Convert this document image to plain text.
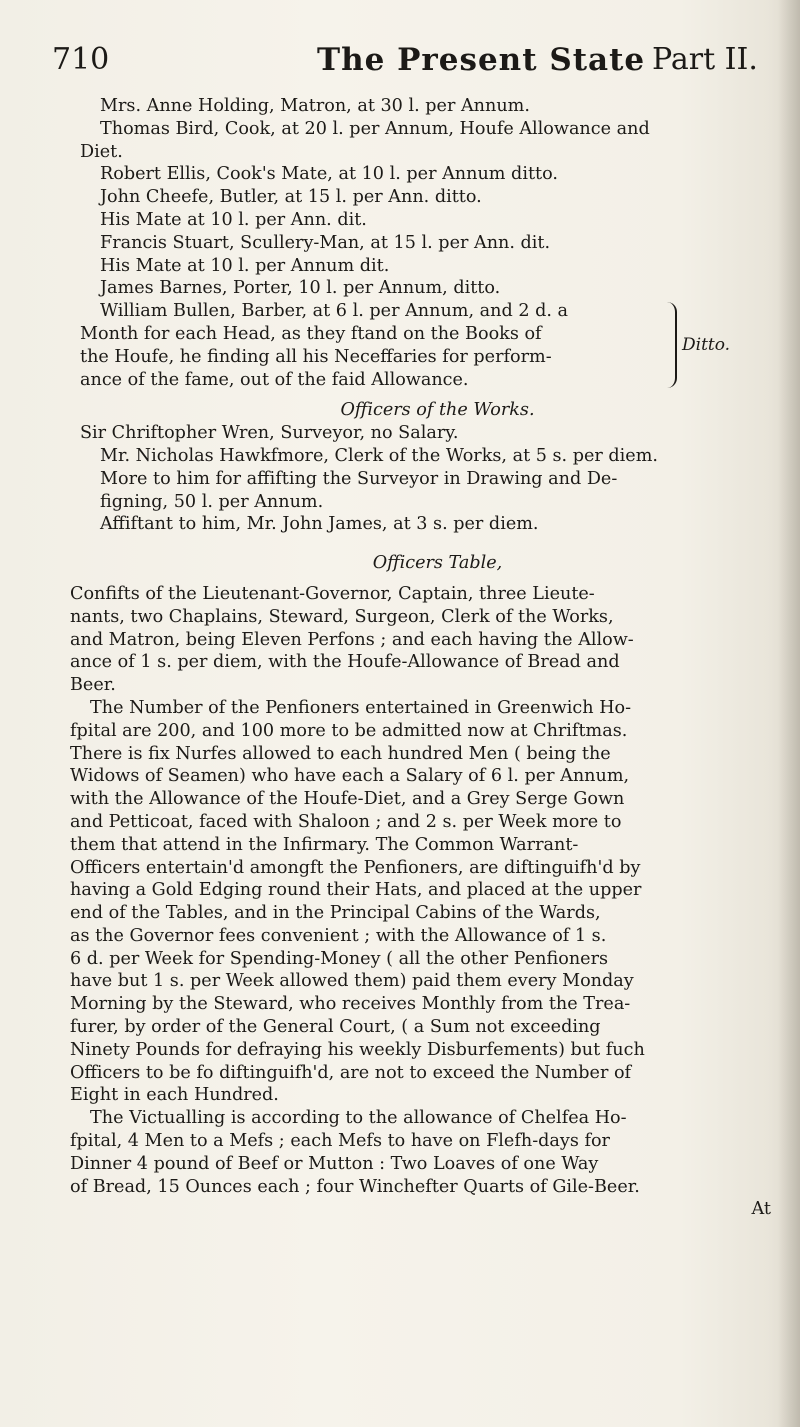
710	The Present State Part II.
Mrs. Anne Holding, Matron, at 30 l. per Annum.
Thomas Bird, Cook, at 20 l. per Annum, Houfe Allowance and
Diet.
Robert Ellis, Cook's Mate, at 10 l. per Annum ditto.
John Cheefe, Butler, at 15 l. per Ann. ditto.
His Mate at 10 l. per Ann. dit.
Francis Stuart, Scullery-Man, at 15 l. per Ann. dit.
His Mate at 10 l. per Annum dit.
James Barnes, Porter, 10 l. per Annum, ditto.
William Bullen, Barber, at 6 l. per Annum, and 2 d. a
Month for each Head, as they ftand on the Books of
the Houfe, he finding all his Neceffaries for perform-
ance of the fame, out of the faid Allowance.
Ditto.
Officers of the Works.
Sir Chriftopher Wren, Surveyor, no Salary.
Mr. Nicholas Hawkfmore, Clerk of the Works, at 5 s. per diem.
More to him for affifting the Surveyor in Drawing and De-
figning, 50 l. per Annum.
Affiftant to him, Mr. John James, at 3 s. per diem.
Officers Table,
Confifts of the Lieutenant-Governor, Captain, three Lieute-
nants, two Chaplains, Steward, Surgeon, Clerk of the Works,
and Matron, being Eleven Perfons ; and each having the Allow-
ance of 1 s. per diem, with the Houfe-Allowance of Bread and
Beer.
The Number of the Penfioners entertained in Greenwich Ho-
fpital are 200, and 100 more to be admitted now at Chriftmas.
There is fix Nurfes allowed to each hundred Men ( being the
Widows of Seamen) who have each a Salary of 6 l. per Annum,
with the Allowance of the Houfe-Diet, and a Grey Serge Gown
and Petticoat, faced with Shaloon ; and 2 s. per Week more to
them that attend in the Infirmary. The Common Warrant-
Officers entertain'd amongft the Penfioners, are diftinguifh'd by
having a Gold Edging round their Hats, and placed at the upper
end of the Tables, and in the Principal Cabins of the Wards,
as the Governor fees convenient ; with the Allowance of 1 s.
6 d. per Week for Spending-Money ( all the other Penfioners
have but 1 s. per Week allowed them) paid them every Monday
Morning by the Steward, who receives Monthly from the Trea-
furer, by order of the General Court, ( a Sum not exceeding
Ninety Pounds for defraying his weekly Disburfements) but fuch
Officers to be fo diftinguifh'd, are not to exceed the Number of
Eight in each Hundred.
The Victualling is according to the allowance of Chelfea Ho-
fpital, 4 Men to a Mefs ; each Mefs to have on Flefh-days for
Dinner 4 pound of Beef or Mutton : Two Loaves of one Way
of Bread, 15 Ounces each ; four Winchefter Quarts of Gile-Beer.
At
